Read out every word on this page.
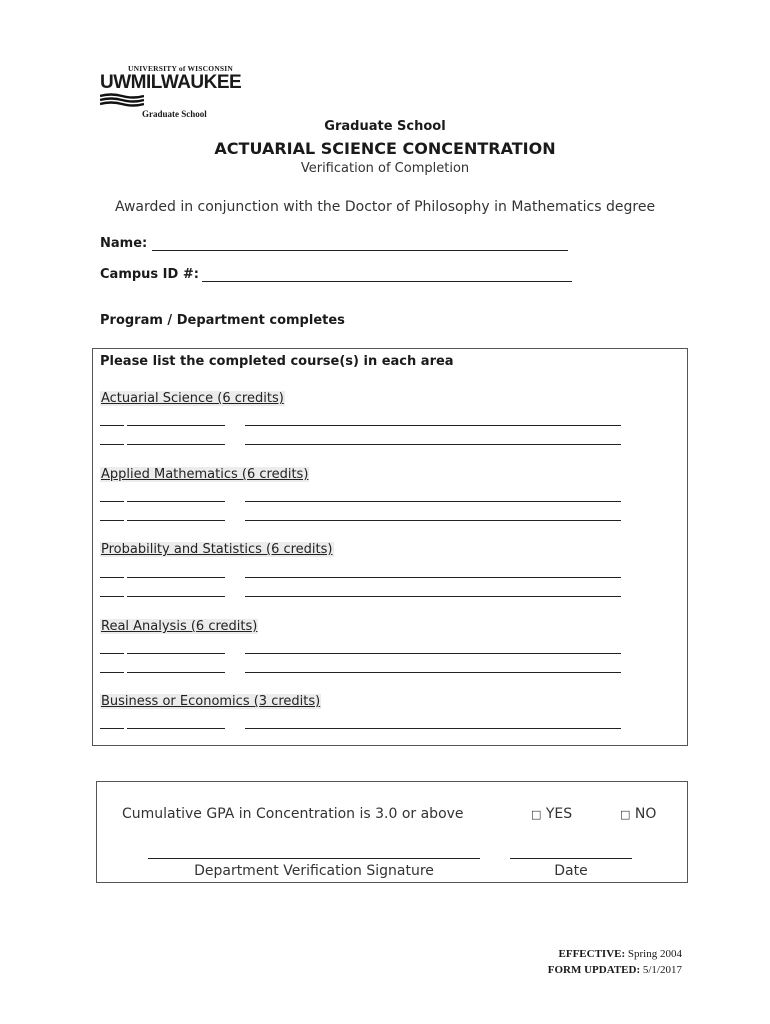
UNIVERSITY of WISCONSIN
UWMILWAUKEE
Graduate School
Graduate School
ACTUARIAL SCIENCE CONCENTRATION
Verification of Completion
Awarded in conjunction with the Doctor of Philosophy in Mathematics degree
Name:
Campus ID #:
Program / Department completes
Please list the completed course(s) in each area
Actuarial Science (6 credits)
Applied Mathematics (6 credits)
Probability and Statistics (6 credits)
Real Analysis (6 credits)
Business or Economics (3 credits)
Cumulative GPA in Concentration is 3.0 or above	□ YES	□ NO
Department Verification Signature	Date
EFFECTIVE: Spring 2004
FORM UPDATED: 5/1/2017
